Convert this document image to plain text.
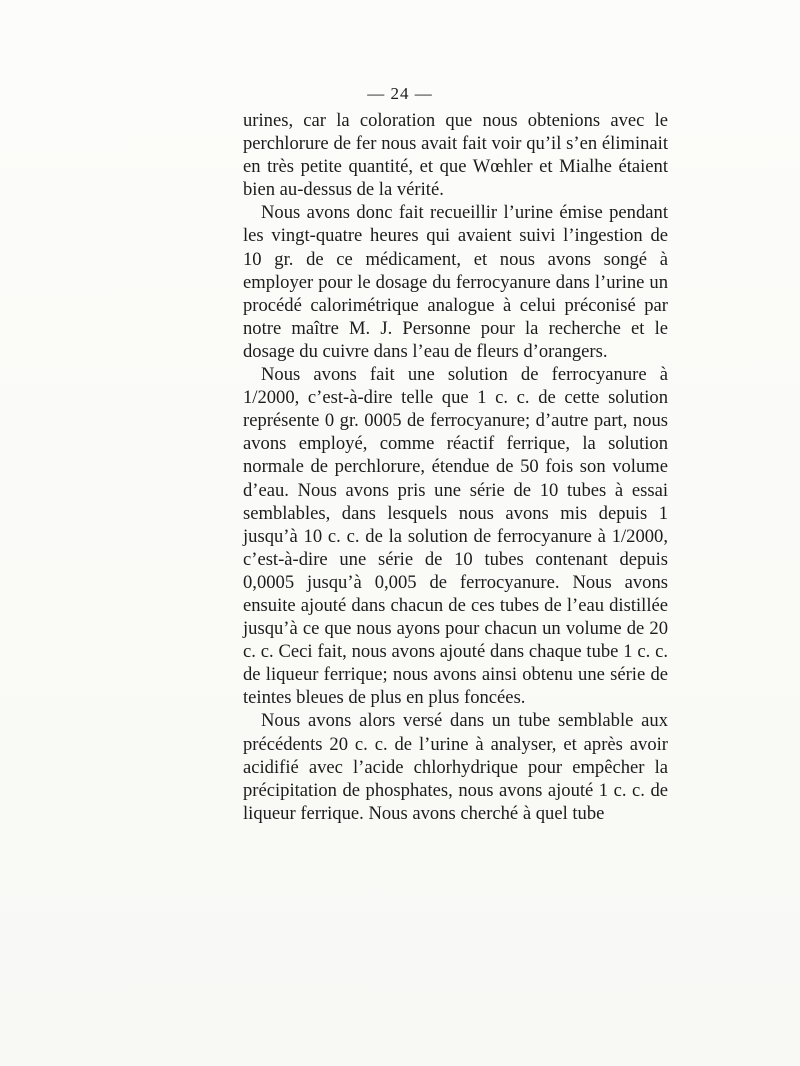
— 24 —

urines, car la coloration que nous obtenions avec le perchlorure de fer nous avait fait voir qu’il s’en éliminait en très petite quantité, et que Wœhler et Mialhe étaient bien au-dessus de la vérité.

Nous avons donc fait recueillir l’urine émise pendant les vingt-quatre heures qui avaient suivi l’ingestion de 10 gr. de ce médicament, et nous avons songé à employer pour le dosage du ferrocyanure dans l’urine un procédé calorimétrique analogue à celui préconisé par notre maître M. J. Personne pour la recherche et le dosage du cuivre dans l’eau de fleurs d’orangers.

Nous avons fait une solution de ferrocyanure à 1/2000, c’est-à-dire telle que 1 c. c. de cette solution représente 0 gr. 0005 de ferrocyanure; d’autre part, nous avons employé, comme réactif ferrique, la solution normale de perchlorure, étendue de 50 fois son volume d’eau. Nous avons pris une série de 10 tubes à essai semblables, dans lesquels nous avons mis depuis 1 jusqu’à 10 c. c. de la solution de ferrocyanure à 1/2000, c’est-à-dire une série de 10 tubes contenant depuis 0,0005 jusqu’à 0,005 de ferrocyanure. Nous avons ensuite ajouté dans chacun de ces tubes de l’eau distillée jusqu’à ce que nous ayons pour chacun un volume de 20 c. c. Ceci fait, nous avons ajouté dans chaque tube 1 c. c. de liqueur ferrique; nous avons ainsi obtenu une série de teintes bleues de plus en plus foncées.

Nous avons alors versé dans un tube semblable aux précédents 20 c. c. de l’urine à analyser, et après avoir acidifié avec l’acide chlorhydrique pour empêcher la précipitation de phosphates, nous avons ajouté 1 c. c. de liqueur ferrique. Nous avons cherché à quel tube
